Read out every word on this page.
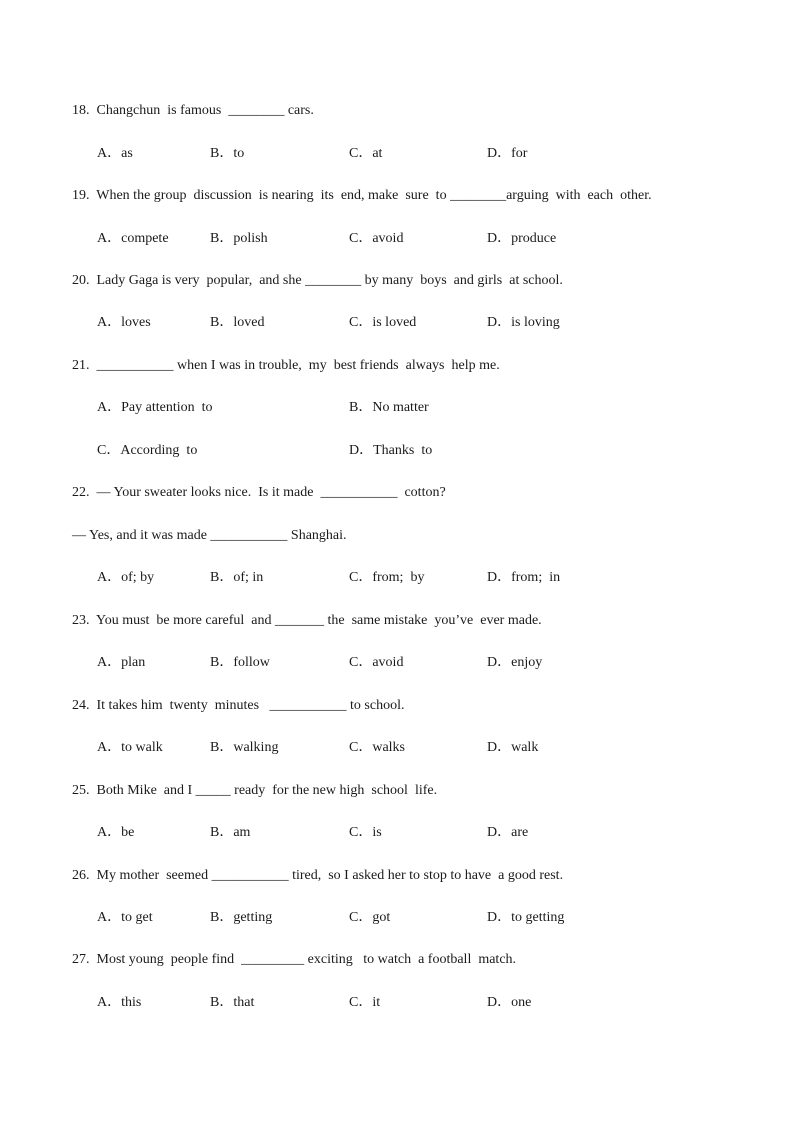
18.  Changchun  is famous  ________ cars.
A．as	B．to	C．at	D．for
19.  When the group  discussion  is nearing  its  end, make  sure  to ________arguing  with  each  other.
A．compete	B．polish	C．avoid	D．produce
20.  Lady Gaga is very  popular,  and she ________ by many  boys  and girls  at school.
A．loves	B．loved	C．is loved	D．is loving
21.  ___________ when I was in trouble,  my  best friends  always  help me.
A．Pay attention  to	B．No matter
C．According  to	D．Thanks  to
22.  — Your sweater looks nice.  Is it made  ___________  cotton?
— Yes, and it was made ___________ Shanghai.
A．of; by	B．of; in	C．from;  by	D．from;  in
23.  You must  be more careful  and _______ the  same mistake  you’ve  ever made.
A．plan	B．follow	C．avoid	D．enjoy
24.  It takes him  twenty  minutes   ___________ to school.
A．to walk	B．walking	C．walks	D．walk
25.  Both Mike  and I _____ ready  for the new high  school  life.
A．be	B．am	C．is	D．are
26.  My mother  seemed ___________ tired,  so I asked her to stop to have  a good rest.
A．to get	B．getting	C．got	D．to getting
27.  Most young  people find  _________ exciting   to watch  a football  match.
A．this	B．that	C．it	D．one
